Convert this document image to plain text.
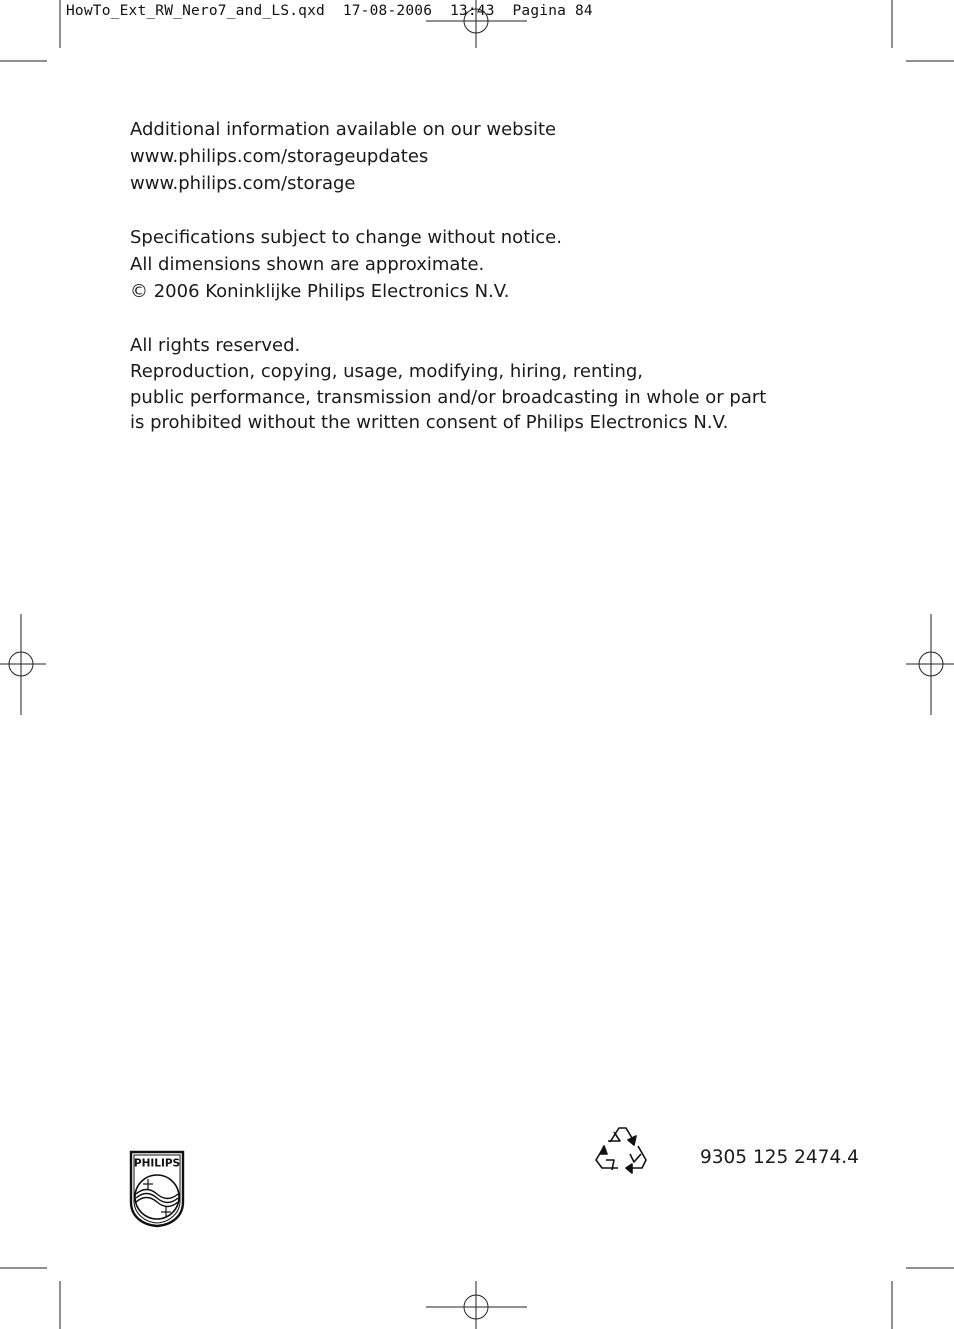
HowTo_Ext_RW_Nero7_and_LS.qxd  17-08-2006  13:43  Pagina 84
Additional information available on our website
www.philips.com/storageupdates
www.philips.com/storage
Specifications subject to change without notice.
All dimensions shown are approximate.
© 2006 Koninklijke Philips Electronics N.V.
All rights reserved.
Reproduction, copying, usage, modifying, hiring, renting,
public performance, transmission and/or broadcasting in whole or part
is prohibited without the written consent of Philips Electronics N.V.
PHILIPS	9305 125 2474.4
